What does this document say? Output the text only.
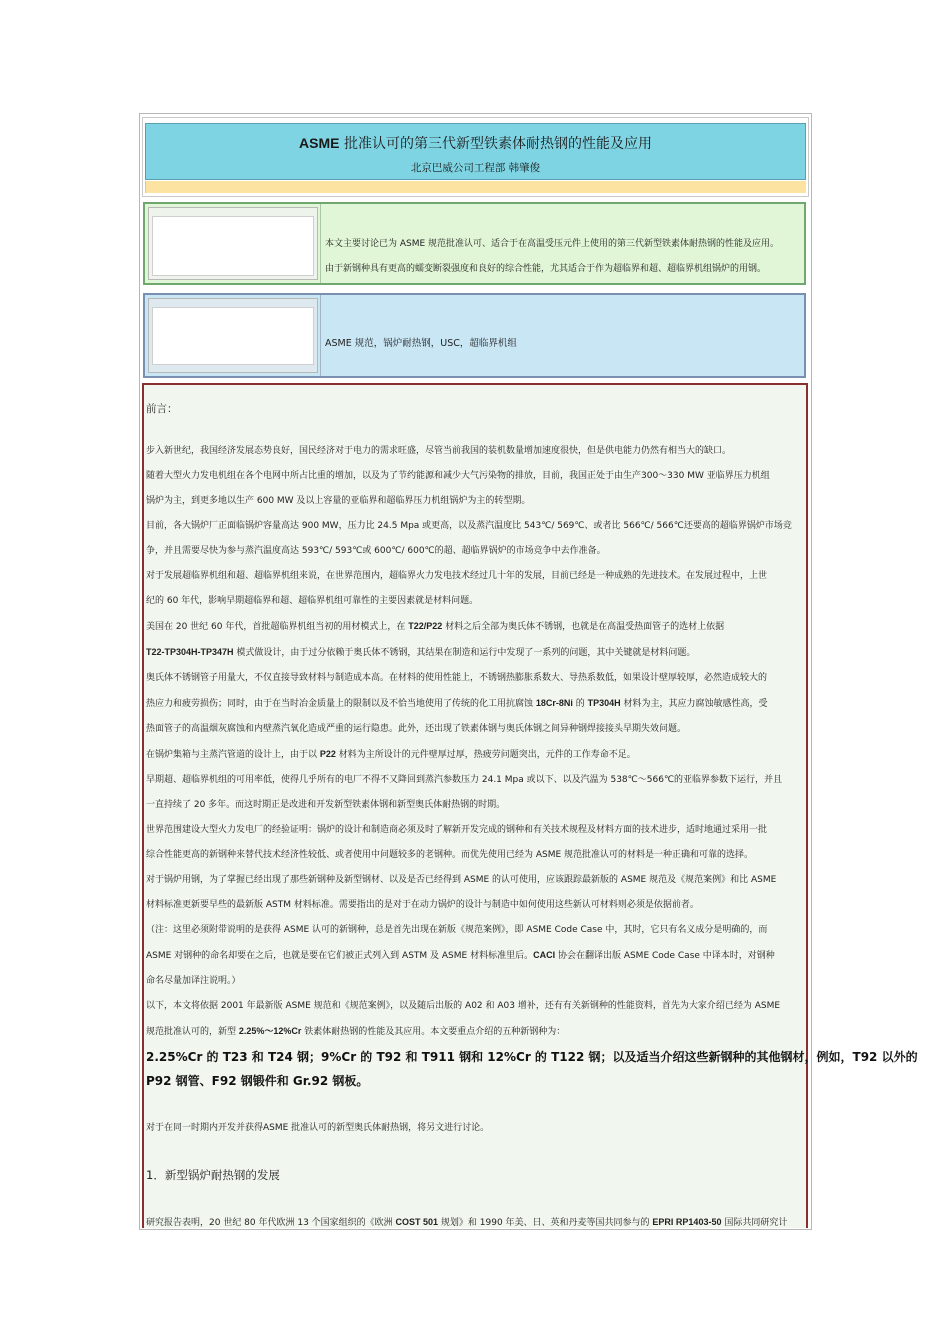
ASME 批准认可的第三代新型铁素体耐热钢的性能及应用
北京巴威公司工程部 韩肇俊
本文主要讨论已为 ASME 规范批准认可、适合于在高温受压元件上使用的第三代新型铁素体耐热钢的性能及应用。
由于新钢种具有更高的蠕变断裂强度和良好的综合性能，尤其适合于作为超临界和超、超临界机组锅炉的用钢。
ASME 规范，锅炉耐热钢，USC，超临界机组
前言：

步入新世纪，我国经济发展态势良好，国民经济对于电力的需求旺盛，尽管当前我国的装机数量增加速度很快，但是供电能力仍然有相当大的缺口。

随着大型火力发电机组在各个电网中所占比重的增加，以及为了节约能源和减少大气污染物的排放，目前，我国正处于由生产300～330 MW 亚临界压力机组

锅炉为主，到更多地以生产 600 MW 及以上容量的亚临界和超临界压力机组锅炉为主的转型期。

目前，各大锅炉厂正面临锅炉容量高达 900 MW，压力比 24.5 Mpa 或更高，以及蒸汽温度比 543℃/ 569℃、或者比 566℃/ 566℃还要高的超临界锅炉市场竞

争，并且需要尽快为参与蒸汽温度高达 593℃/ 593℃或 600℃/ 600℃的超、超临界锅炉的市场竞争中去作准备。

对于发展超临界机组和超、超临界机组来说，在世界范围内，超临界火力发电技术经过几十年的发展，目前已经是一种成熟的先进技术。在发展过程中，上世

纪的 60 年代，影响早期超临界和超、超临界机组可靠性的主要因素就是材料问题。

美国在 20 世纪 60 年代，首批超临界机组当初的用材模式上，在 T22/P22 材料之后全部为奥氏体不锈钢，也就是在高温受热面管子的选材上依据

T22-TP304H-TP347H 模式做设计，由于过分依赖于奥氏体不锈钢，其结果在制造和运行中发现了一系列的问题，其中关键就是材料问题。

奥氏体不锈钢管子用量大，不仅直接导致材料与制造成本高。在材料的使用性能上，不锈钢热膨胀系数大、导热系数低，如果设计壁厚较厚，必然造成较大的

热应力和疲劳损伤；同时，由于在当时冶金质量上的限制以及不恰当地使用了传统的化工用抗腐蚀 18Cr-8Ni 的 TP304H 材料为主，其应力腐蚀敏感性高，受

热面管子的高温烟灰腐蚀和内壁蒸汽氧化造成严重的运行隐患。此外，还出现了铁素体钢与奥氏体钢之间异种钢焊接接头早期失效问题。

在锅炉集箱与主蒸汽管道的设计上，由于以 P22 材料为主所设计的元件壁厚过厚，热疲劳问题突出，元件的工作寿命不足。

早期超、超临界机组的可用率低，使得几乎所有的电厂不得不又降回到蒸汽参数压力 24.1 Mpa 或以下、以及汽温为 538℃～566℃的亚临界参数下运行，并且

一直持续了 20 多年。而这时期正是改进和开发新型铁素体钢和新型奥氏体耐热钢的时期。

世界范围建设大型火力发电厂的经验证明：锅炉的设计和制造商必须及时了解新开发完成的钢种和有关技术规程及材料方面的技术进步，适时地通过采用一批

综合性能更高的新钢种来替代技术经济性较低、或者使用中问题较多的老钢种。而优先使用已经为 ASME 规范批准认可的材料是一种正确和可靠的选择。

对于锅炉用钢，为了掌握已经出现了那些新钢种及新型钢材、以及是否已经得到 ASME 的认可使用，应该跟踪最新版的 ASME 规范及《规范案例》和比 ASME

材料标准更新要早些的最新版 ASTM 材料标准。需要指出的是对于在动力锅炉的设计与制造中如何使用这些新认可材料则必须是依据前者。

（注：这里必须附带说明的是获得 ASME 认可的新钢种，总是首先出现在新版《规范案例》，即 ASME Code Case 中，其时，它只有名义成分是明确的，而

ASME 对钢种的命名却要在之后，也就是要在它们被正式列入到 ASTM 及 ASME 材料标准里后。CACI 协会在翻译出版 ASME Code Case 中译本时，对钢种

命名尽量加译注说明。）

以下，本文将依据 2001 年最新版 ASME 规范和《规范案例》，以及随后出版的 A02 和 A03 增补，还有有关新钢种的性能资料，首先为大家介绍已经为 ASME

规范批准认可的，新型 2.25%～12%Cr 铁素体耐热钢的性能及其应用。本文要重点介绍的五种新钢种为：

2.25%Cr 的 T23 和 T24 钢；9%Cr 的 T92 和 T911 钢和 12%Cr 的 T122 钢；以及适当介绍这些新钢种的其他钢材，例如，T92 以外的

P92 钢管、F92 钢锻件和 Gr.92 钢板。

对于在同一时期内开发并获得ASME 批准认可的新型奥氏体耐热钢，将另文进行讨论。

1．新型锅炉耐热钢的发展

研究报告表明，20 世纪 80 年代欧洲 13 个国家组织的《欧洲 COST 501 规划》和 1990 年美、日、英和丹麦等国共同参与的 EPRI RP1403-50 国际共同研究计
